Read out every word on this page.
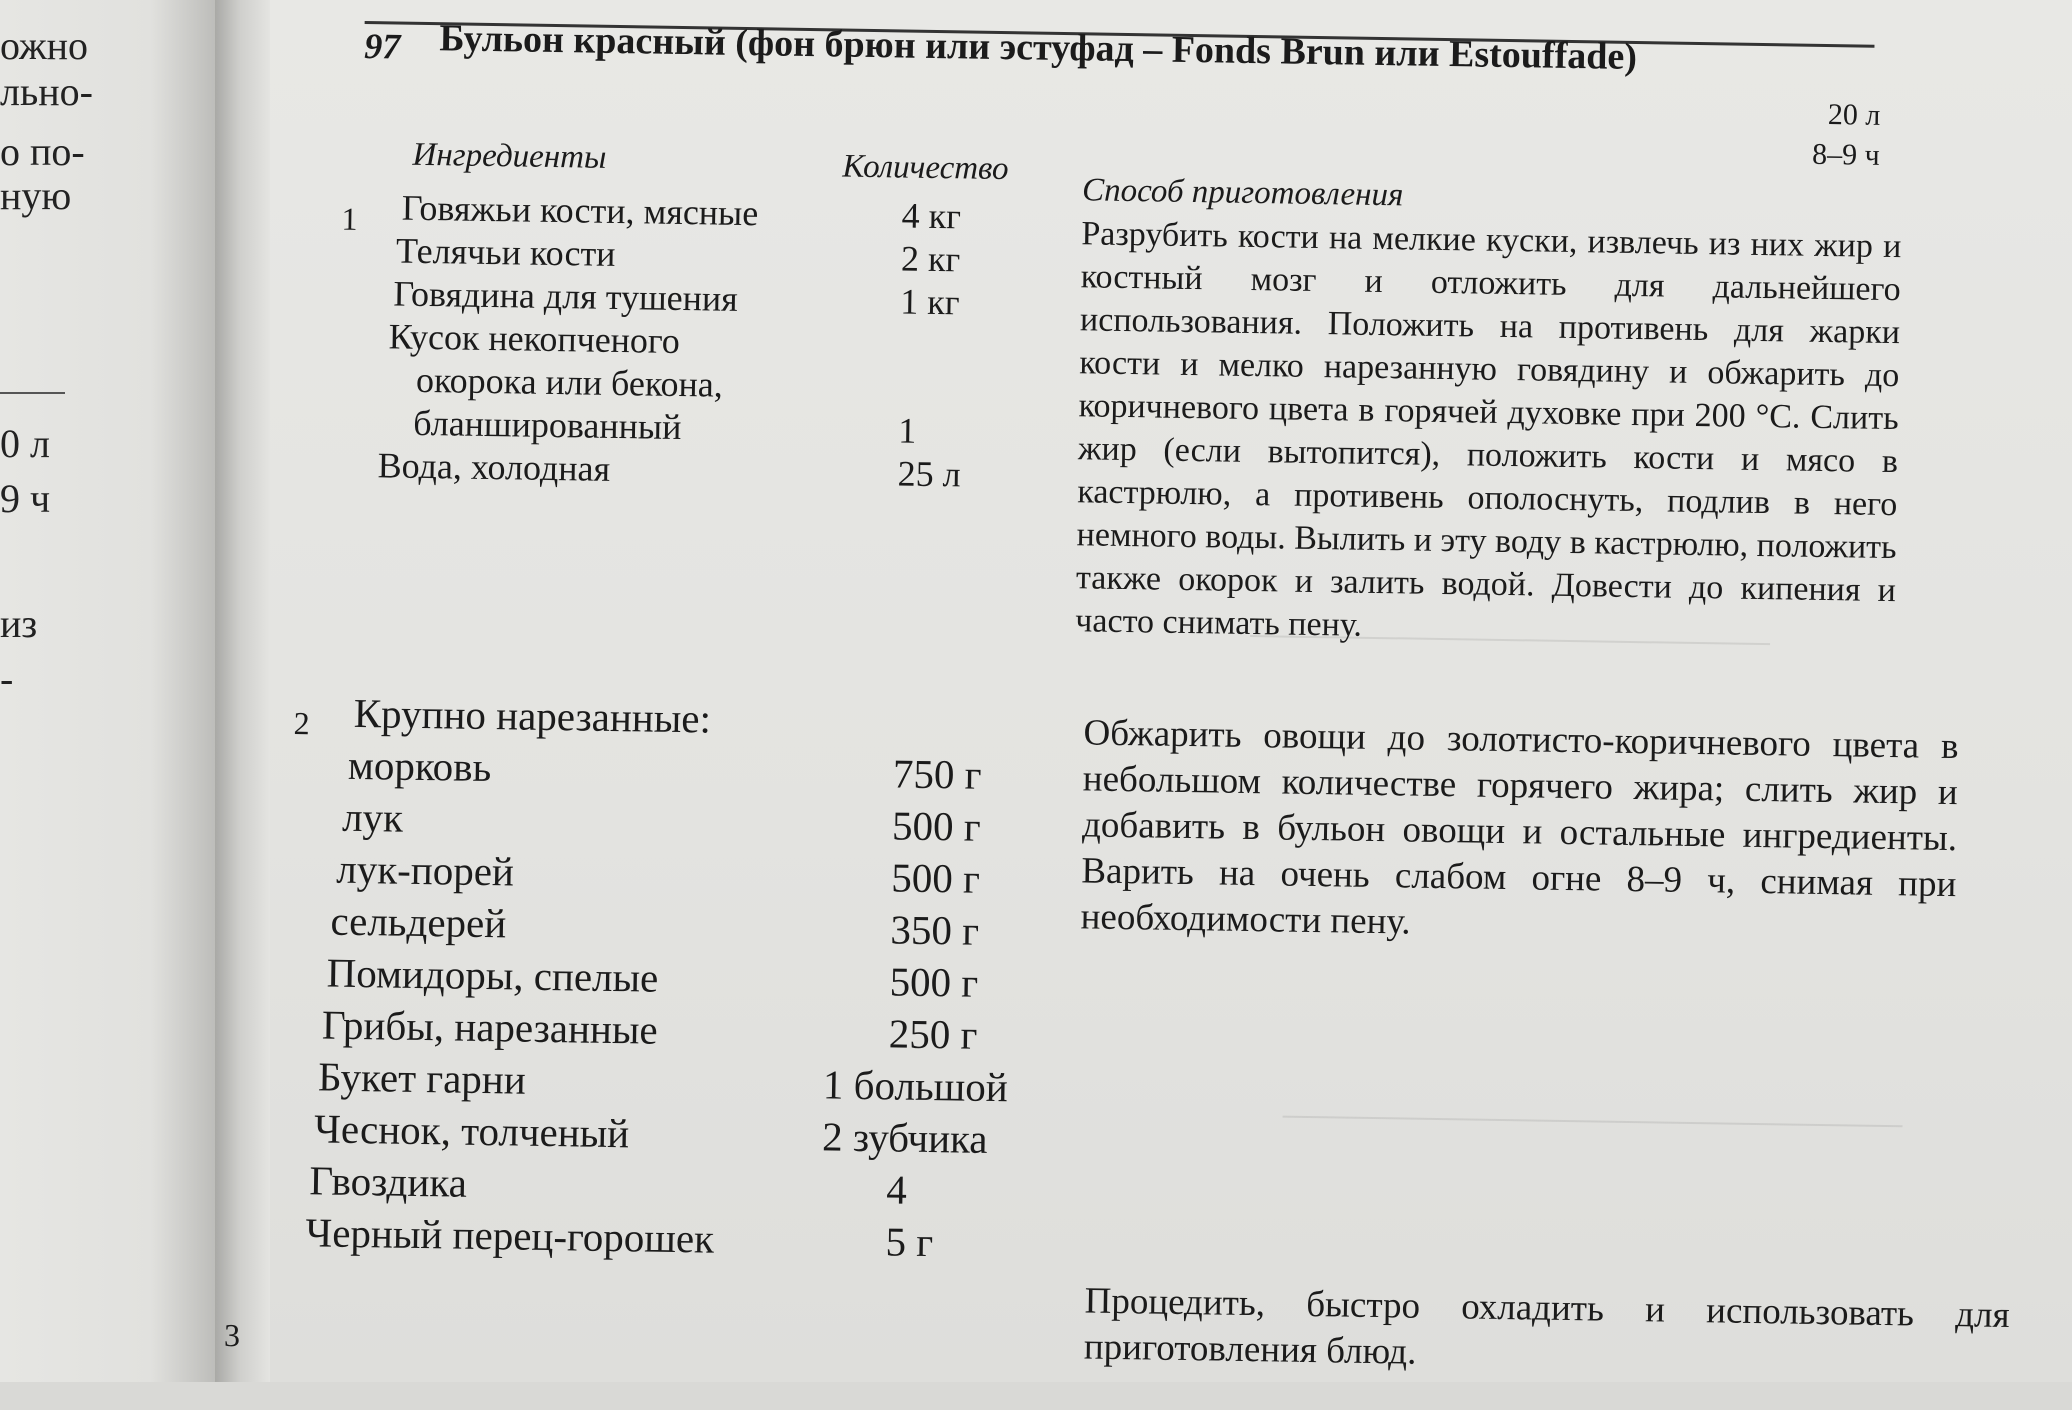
ожно
льно-
о по-
ную
0 л
9 ч
из
-
97 Бульон красный (фон брюн или эстуфад – Fonds Brun или Estouffade)
20 л
8–9 ч
Ингредиенты	Количество
Способ приготовления
1 Говяжьи кости, мясные	4 кг
Телячьи кости	2 кг
Говядина для тушения	1 кг
Кусок некопченого
окорока или бекона,
бланшированный	1
Вода, холодная	25 л
Разрубить кости на мелкие куски, извлечь из них жир и костный мозг и отложить для дальнейшего использования. Положить на противень для жарки кости и мелко нарезанную говядину и обжарить до коричневого цвета в горячей духовке при 200 °С. Слить жир (если вытопится), положить кости и мясо в кастрюлю, а противень ополоснуть, подлив в него немного воды. Вылить и эту воду в кастрюлю, положить также окорок и залить водой. Довести до кипения и часто снимать пену.
2 Крупно нарезанные:
морковь	750 г
лук	500 г
лук-порей	500 г
сельдерей	350 г
Помидоры, спелые	500 г
Грибы, нарезанные	250 г
Букет гарни	1 большой
Чеснок, толченый	2 зубчика
Гвоздика	4
Черный перец-горошек	5 г
Обжарить овощи до золотисто-коричневого цвета в небольшом количестве горячего жира; слить жир и добавить в бульон овощи и остальные ингредиенты. Варить на очень слабом огне 8–9 ч, снимая при необходимости пену.
3	Процедить, быстро охладить и использовать для приготовления блюд.
